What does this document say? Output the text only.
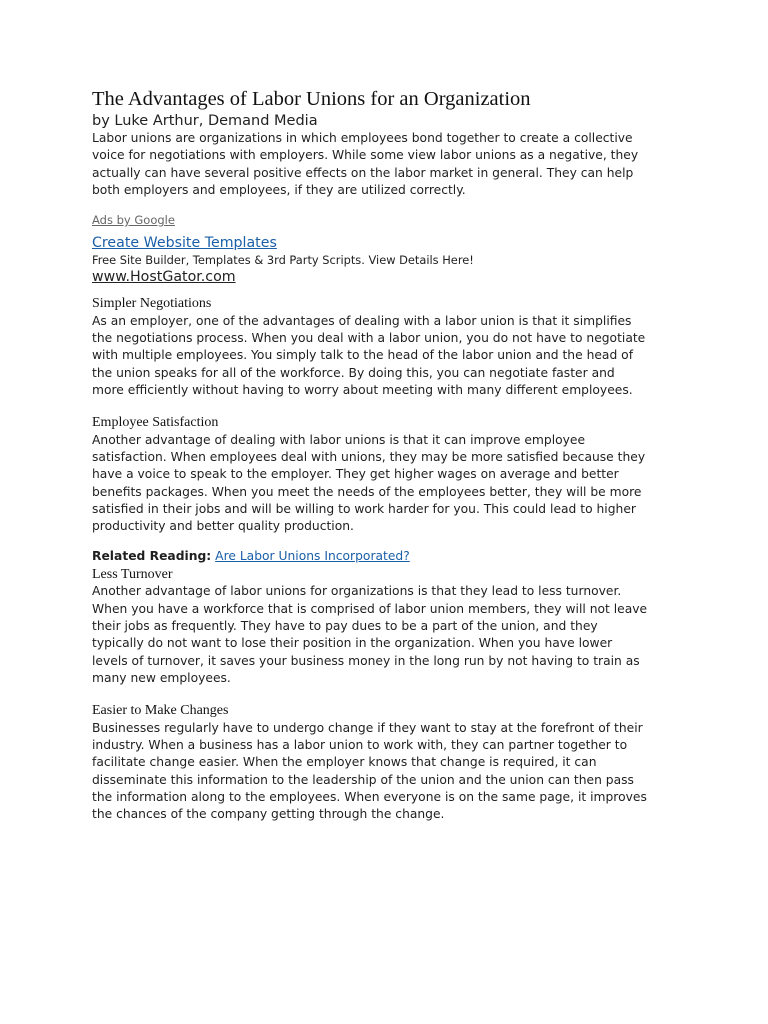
The Advantages of Labor Unions for an Organization

by Luke Arthur, Demand Media

Labor unions are organizations in which employees bond together to create a collective
voice for negotiations with employers. While some view labor unions as a negative, they
actually can have several positive effects on the labor market in general. They can help
both employers and employees, if they are utilized correctly.

Ads by Google
Create Website Templates
Free Site Builder, Templates & 3rd Party Scripts. View Details Here!
www.HostGator.com

Simpler Negotiations

As an employer, one of the advantages of dealing with a labor union is that it simplifies
the negotiations process. When you deal with a labor union, you do not have to negotiate
with multiple employees. You simply talk to the head of the labor union and the head of
the union speaks for all of the workforce. By doing this, you can negotiate faster and
more efficiently without having to worry about meeting with many different employees.

Employee Satisfaction

Another advantage of dealing with labor unions is that it can improve employee
satisfaction. When employees deal with unions, they may be more satisfied because they
have a voice to speak to the employer. They get higher wages on average and better
benefits packages. When you meet the needs of the employees better, they will be more
satisfied in their jobs and will be willing to work harder for you. This could lead to higher
productivity and better quality production.

Related Reading: Are Labor Unions Incorporated?

Less Turnover

Another advantage of labor unions for organizations is that they lead to less turnover.
When you have a workforce that is comprised of labor union members, they will not leave
their jobs as frequently. They have to pay dues to be a part of the union, and they
typically do not want to lose their position in the organization. When you have lower
levels of turnover, it saves your business money in the long run by not having to train as
many new employees.

Easier to Make Changes

Businesses regularly have to undergo change if they want to stay at the forefront of their
industry. When a business has a labor union to work with, they can partner together to
facilitate change easier. When the employer knows that change is required, it can
disseminate this information to the leadership of the union and the union can then pass
the information along to the employees. When everyone is on the same page, it improves
the chances of the company getting through the change.
